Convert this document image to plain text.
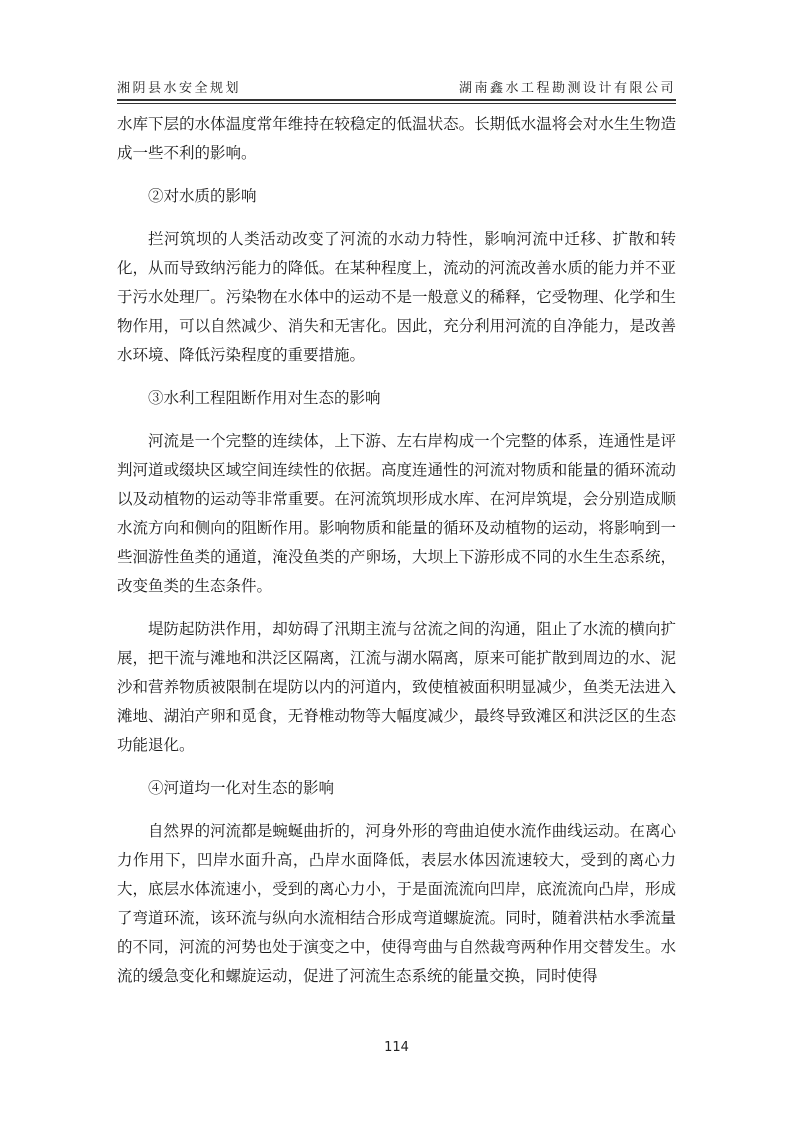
湘阴县水安全规划	湖南鑫水工程勘测设计有限公司

水库下层的水体温度常年维持在较稳定的低温状态。长期低水温将会对水生生物造成一些不利的影响。

②对水质的影响

拦河筑坝的人类活动改变了河流的水动力特性，影响河流中迁移、扩散和转化，从而导致纳污能力的降低。在某种程度上，流动的河流改善水质的能力并不亚于污水处理厂。污染物在水体中的运动不是一般意义的稀释，它受物理、化学和生物作用，可以自然减少、消失和无害化。因此，充分利用河流的自净能力，是改善水环境、降低污染程度的重要措施。

③水利工程阻断作用对生态的影响

河流是一个完整的连续体，上下游、左右岸构成一个完整的体系，连通性是评判河道或缀块区域空间连续性的依据。高度连通性的河流对物质和能量的循环流动以及动植物的运动等非常重要。在河流筑坝形成水库、在河岸筑堤，会分别造成顺水流方向和侧向的阻断作用。影响物质和能量的循环及动植物的运动，将影响到一些洄游性鱼类的通道，淹没鱼类的产卵场，大坝上下游形成不同的水生生态系统，改变鱼类的生态条件。

堤防起防洪作用，却妨碍了汛期主流与岔流之间的沟通，阻止了水流的横向扩展，把干流与滩地和洪泛区隔离，江流与湖水隔离，原来可能扩散到周边的水、泥沙和营养物质被限制在堤防以内的河道内，致使植被面积明显减少，鱼类无法进入滩地、湖泊产卵和觅食，无脊椎动物等大幅度减少，最终导致滩区和洪泛区的生态功能退化。

④河道均一化对生态的影响

自然界的河流都是蜿蜒曲折的，河身外形的弯曲迫使水流作曲线运动。在离心力作用下，凹岸水面升高，凸岸水面降低，表层水体因流速较大，受到的离心力大，底层水体流速小，受到的离心力小，于是面流流向凹岸，底流流向凸岸，形成了弯道环流，该环流与纵向水流相结合形成弯道螺旋流。同时，随着洪枯水季流量的不同，河流的河势也处于演变之中，使得弯曲与自然裁弯两种作用交替发生。水流的缓急变化和螺旋运动，促进了河流生态系统的能量交换，同时使得

114
